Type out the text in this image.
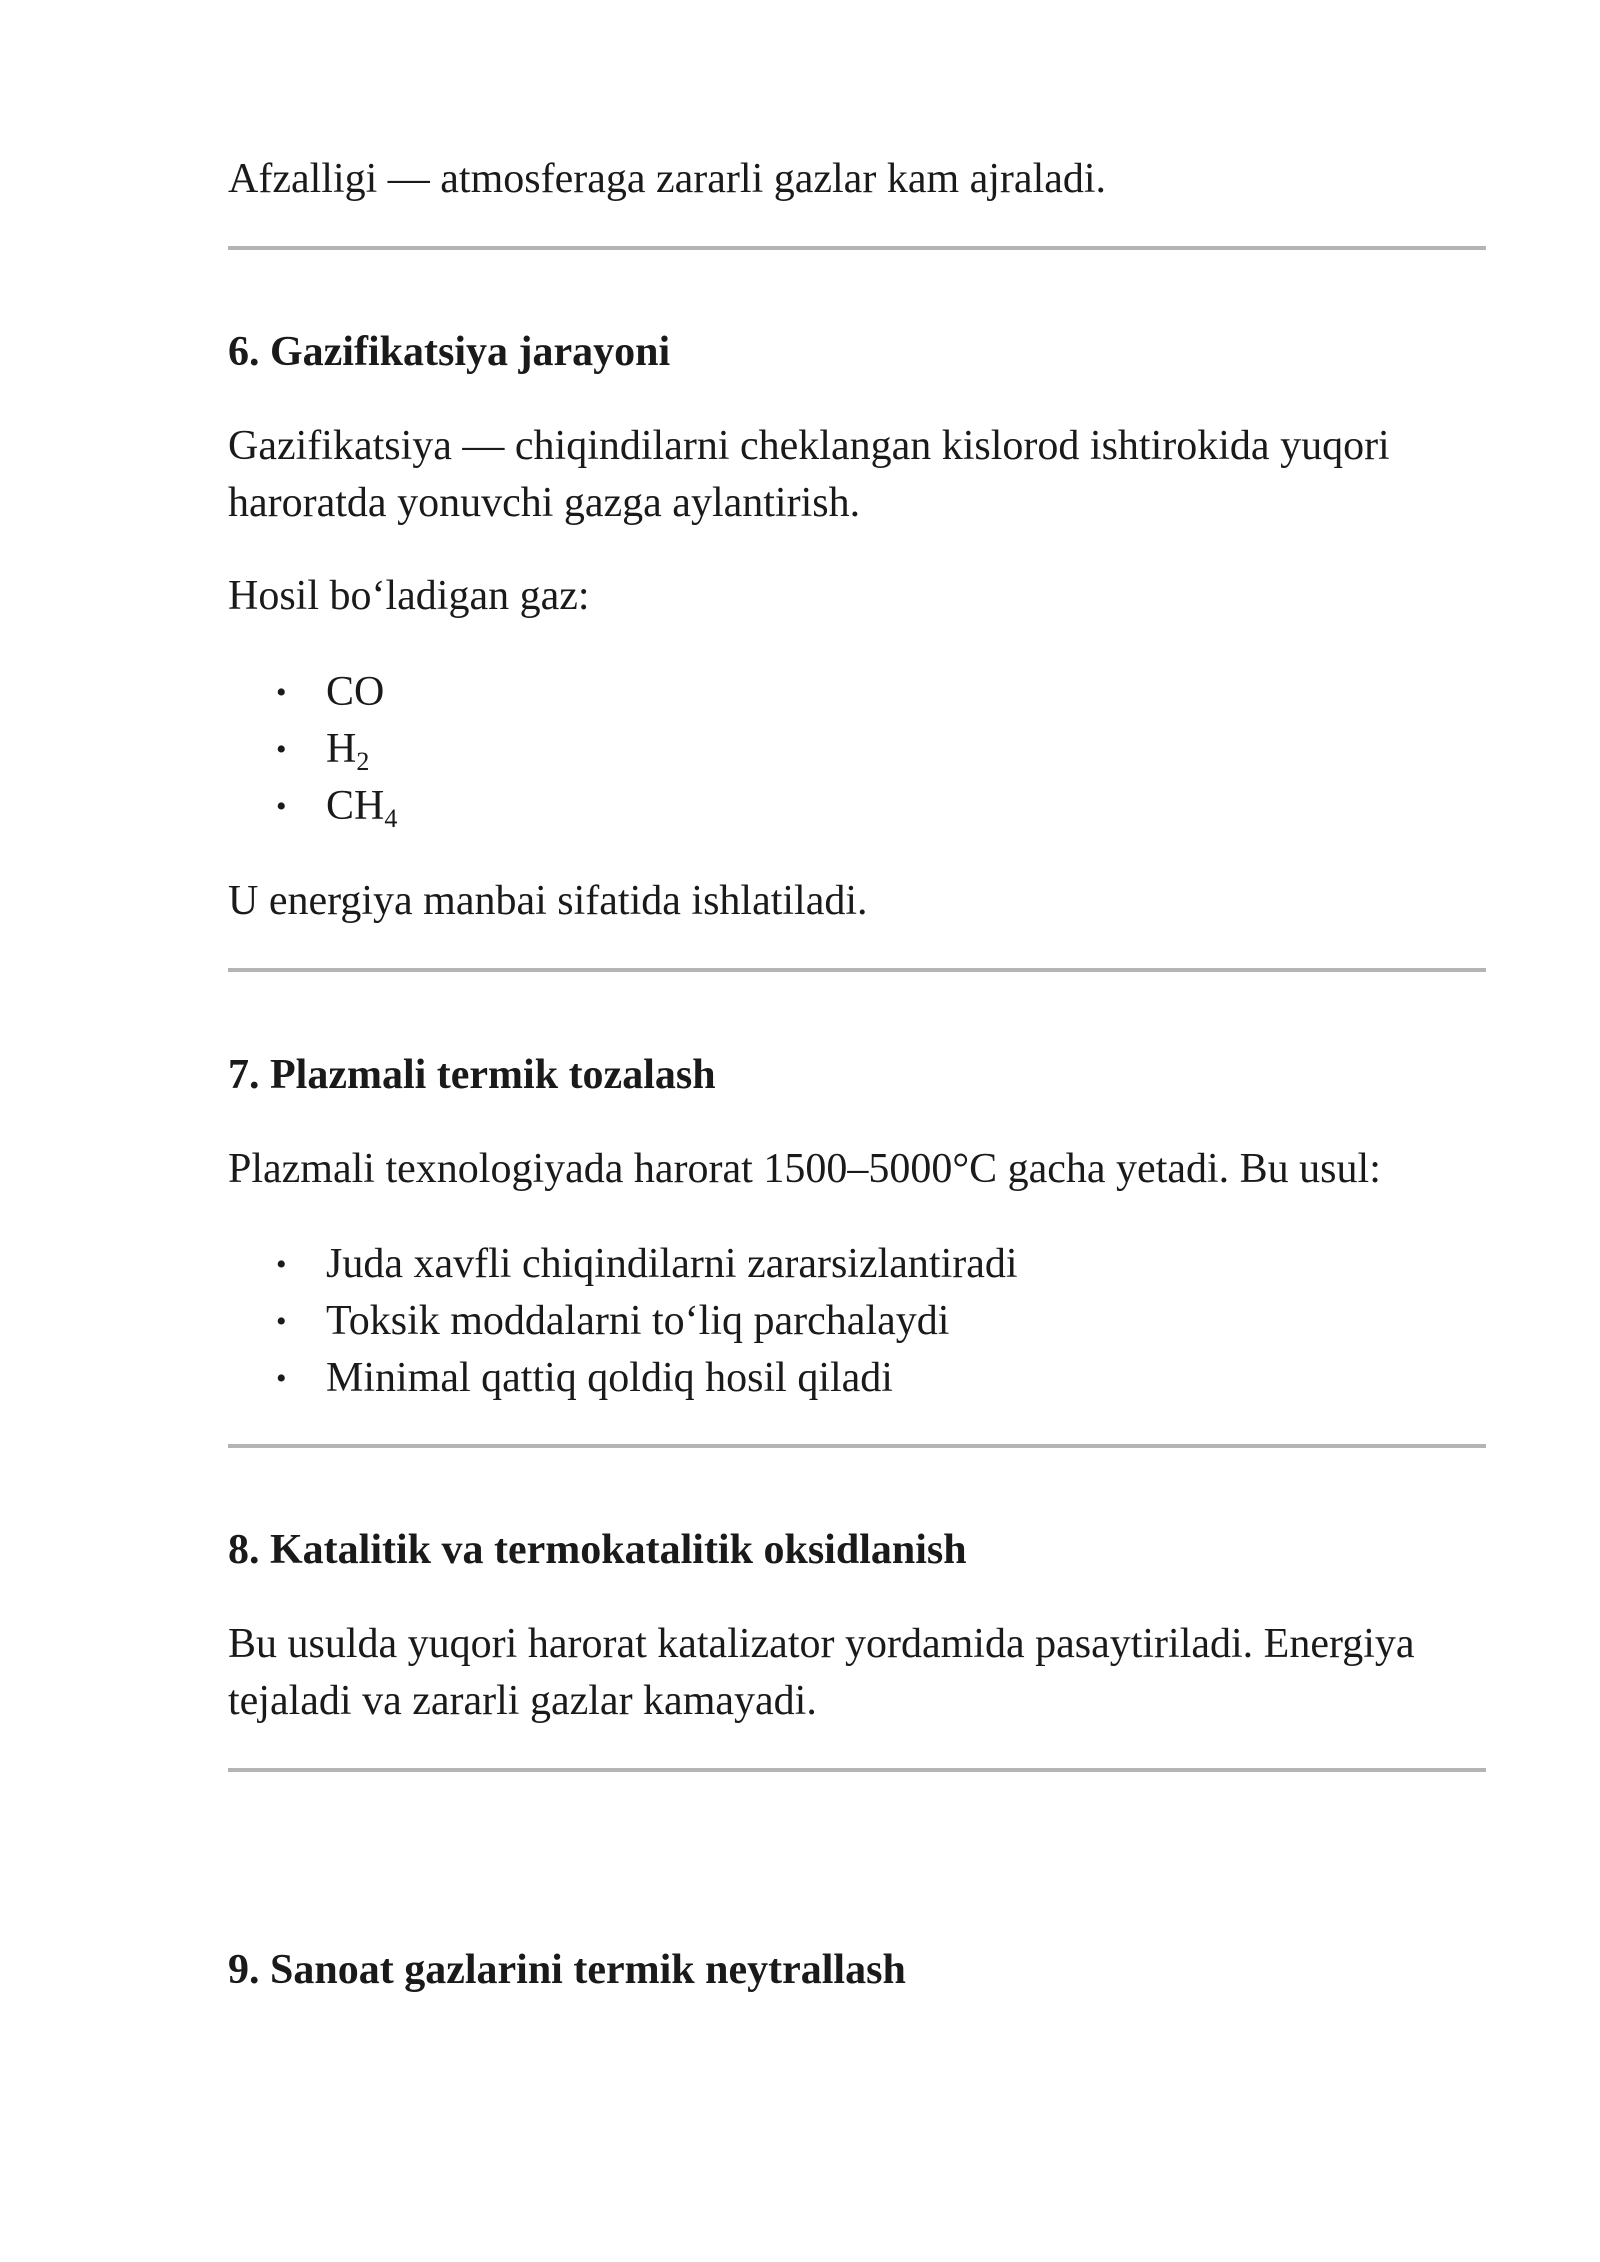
Afzalligi — atmosferaga zararli gazlar kam ajraladi.

6. Gazifikatsiya jarayoni

Gazifikatsiya — chiqindilarni cheklangan kislorod ishtirokida yuqori

haroratda yonuvchi gazga aylantirish.

Hosil bo‘ladigan gaz:

• CO
• $H_2$
• $CH_4$

U energiya manbai sifatida ishlatiladi.

7. Plazmali termik tozalash

Plazmali texnologiyada harorat 1500–5000°C gacha yetadi. Bu usul:

• Juda xavfli chiqindilarni zararsizlantiradi
• Toksik moddalarni to‘liq parchalaydi
• Minimal qattiq qoldiq hosil qiladi
8. Katalitik va termokatalitik oksidlanish

Bu usulda yuqori harorat katalizator yordamida pasaytiriladi. Energiya

tejaladi va zararli gazlar kamayadi.

9. Sanoat gazlarini termik neytrallash
